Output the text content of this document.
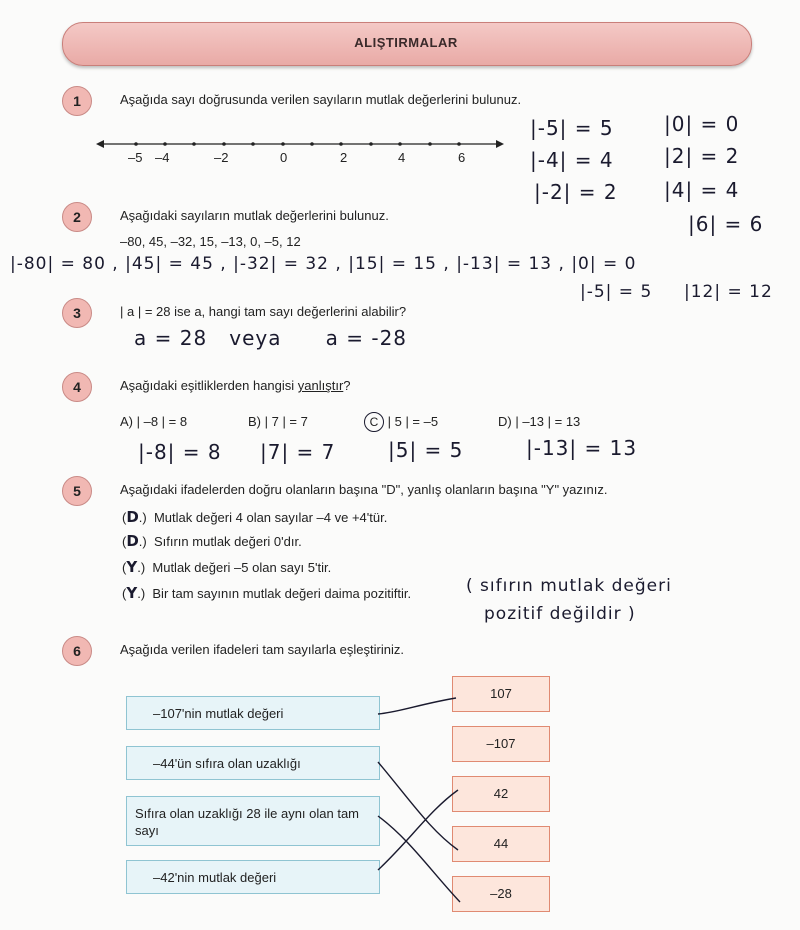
ALIŞTIRMALAR
1	Aşağıda sayı doğrusunda verilen sayıların mutlak değerlerini bulunuz.
–5 –4	–2	0	2	4	6
|-5| = 5	|0| = 0
|-4| = 4	|2| = 2
|-2| = 2 |4| = 4
|6| = 6
2	Aşağıdaki sayıların mutlak değerlerini bulunuz.
–80, 45, –32, 15, –13, 0, –5, 12
|-80| = 80 , |45| = 45 , |-32| = 32 , |15| = 15 , |-13| = 13 , |0| = 0
|-5| = 5 |12| = 12
3	| a | = 28 ise a, hangi tam sayı değerlerini alabilir?
a = 28   veya      a = -28
4	Aşağıdaki eşitliklerden hangisi yanlıştır?
A) | –8 | = 8	B) | 7 | = 7	C | 5 | = –5	D) | –13 | = 13
|-8| = 8 |7| = 7	|5| = 5	|-13| = 13
5	Aşağıdaki ifadelerden doğru olanların başına "D", yanlış olanların başına "Y" yazınız.
(D.)  Mutlak değeri 4 olan sayılar –4 ve +4'tür.
(D.)  Sıfırın mutlak değeri 0'dır.
(Y.)  Mutlak değeri –5 olan sayı 5'tir.
(Y.)  Bir tam sayının mutlak değeri daima pozitiftir.	( sıfırın mutlak değeri
pozitif değildir )
6	Aşağıda verilen ifadeleri tam sayılarla eşleştiriniz.
–107'nin mutlak değeri
–44'ün sıfıra olan uzaklığı
Sıfıra olan uzaklığı 28 ile aynı olan tam sayı
–42'nin mutlak değeri
107
–107
42
44
–28
